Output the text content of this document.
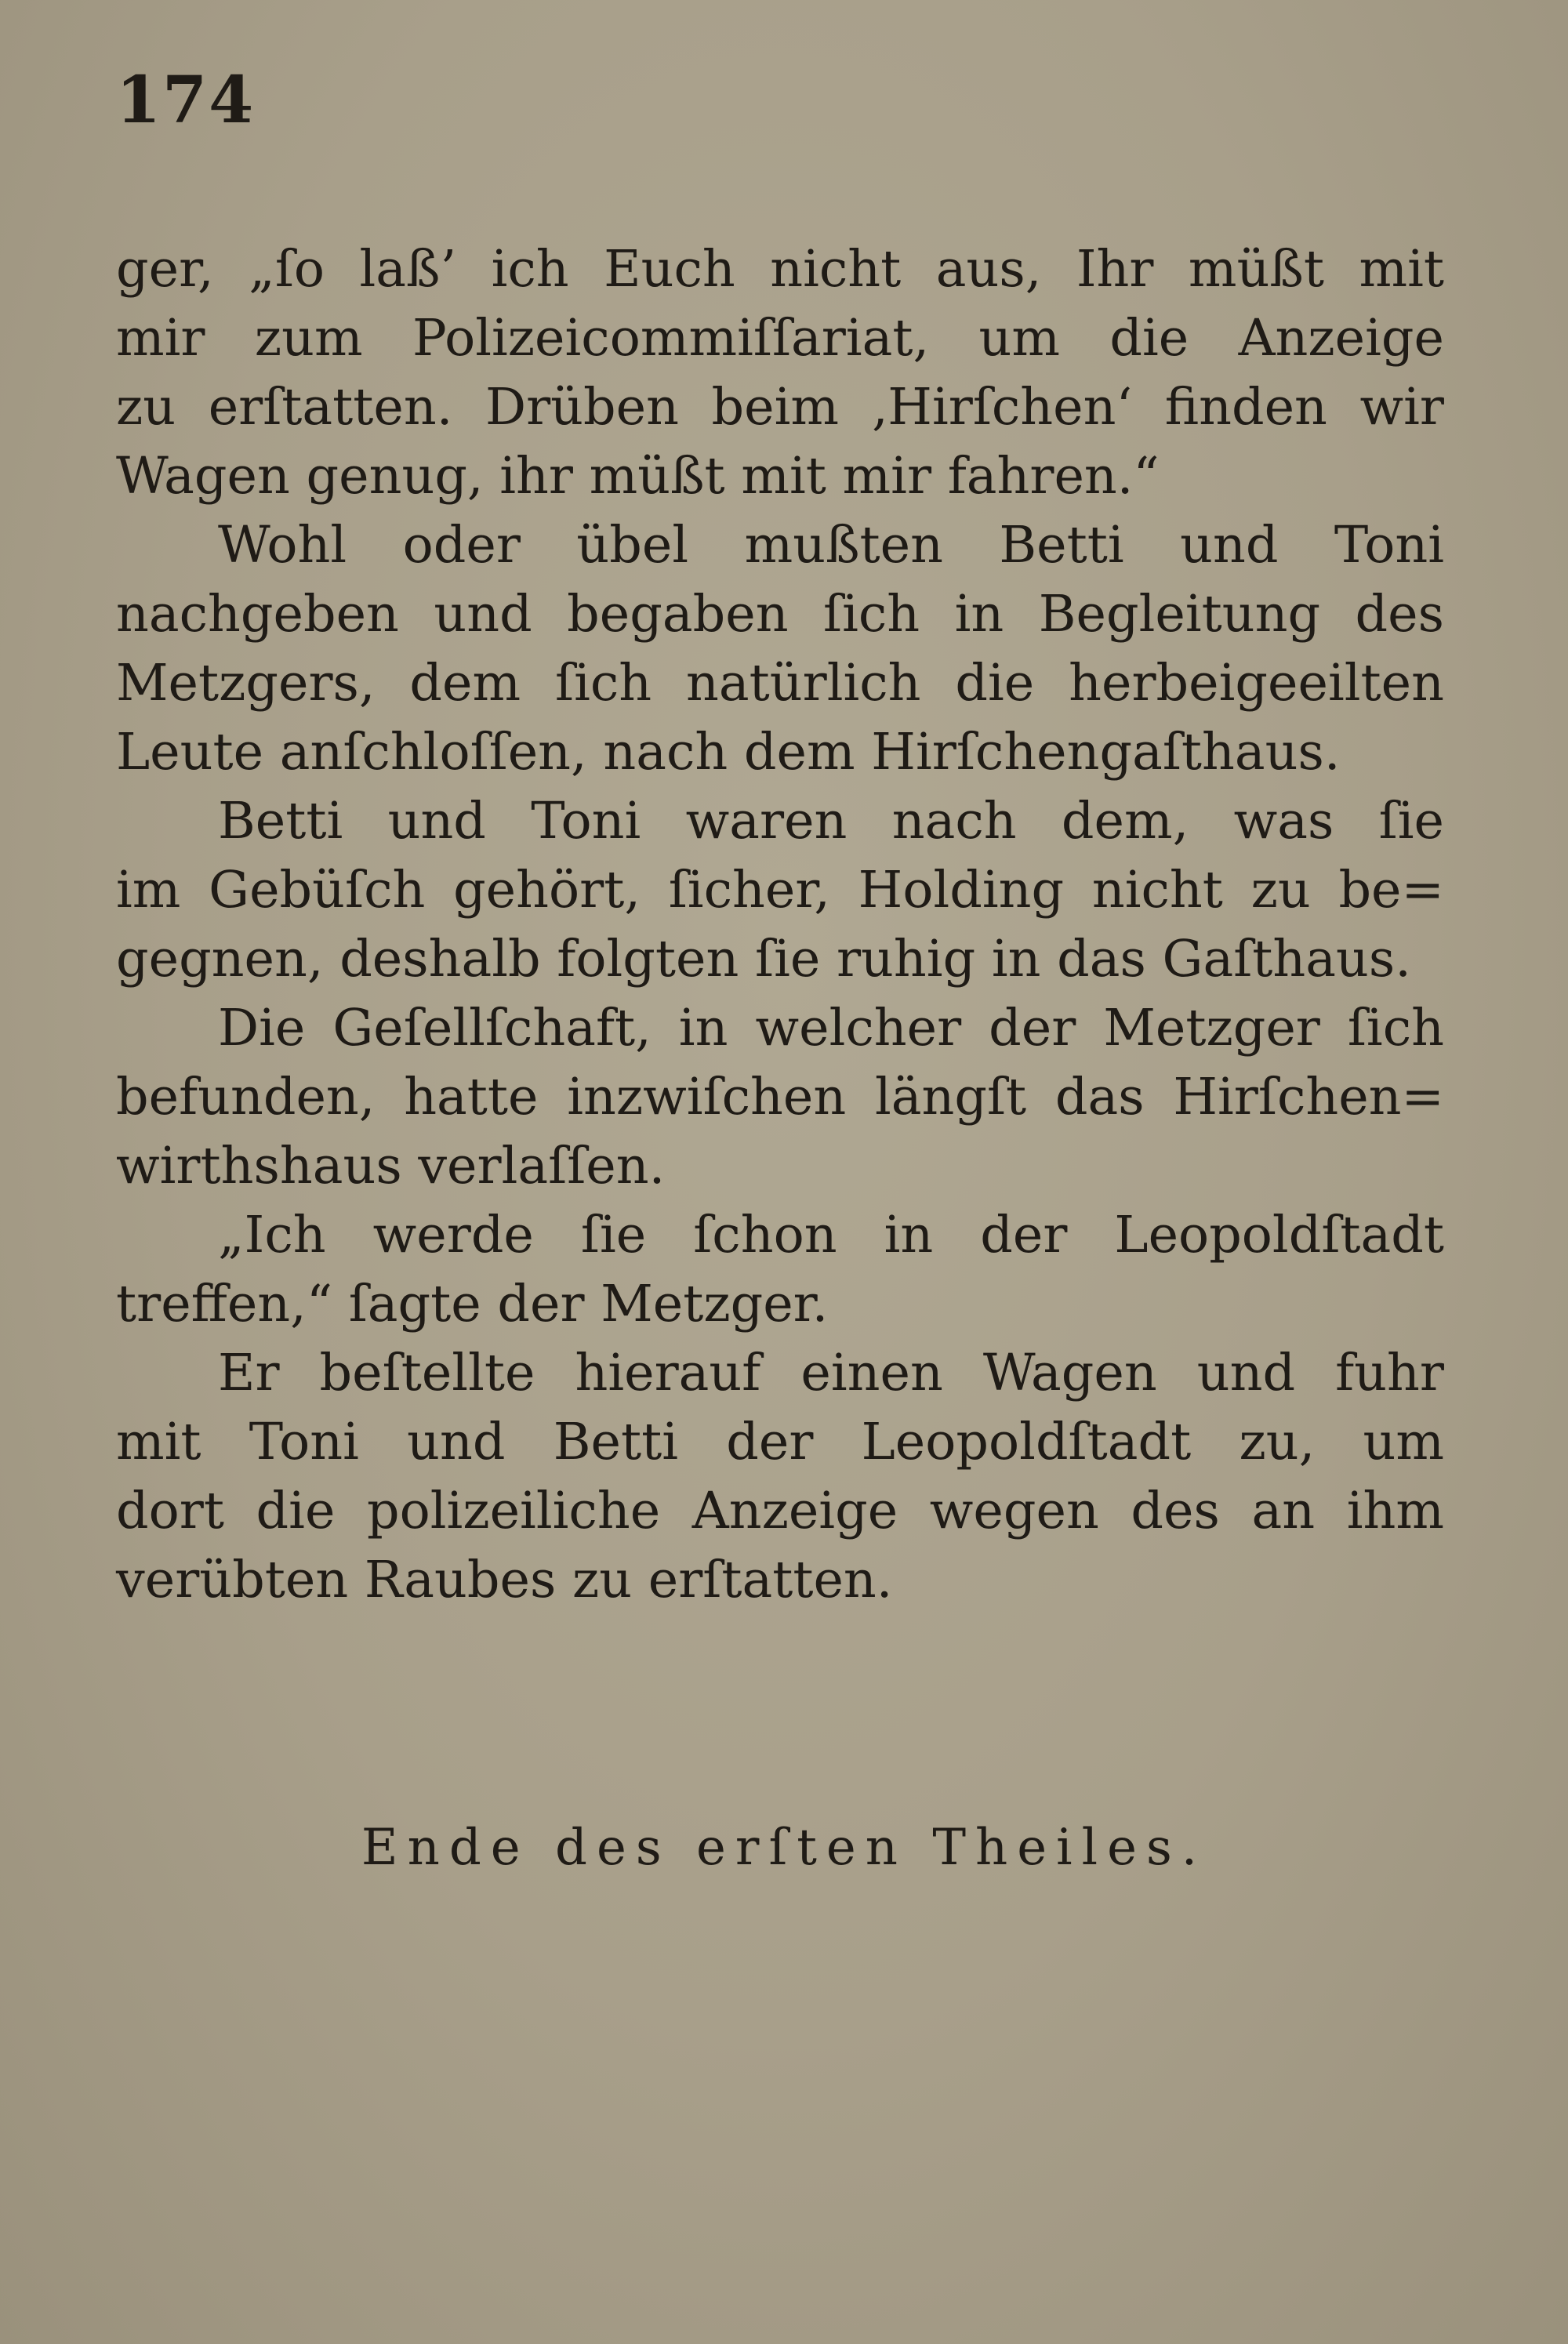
174

ger, „ſo laß’ ich Euch nicht aus, Ihr müßt mit
mir zum Polizeicommiſſariat, um die Anzeige
zu erſtatten. Drüben beim ‚Hirſchen‘ finden wir
Wagen genug, ihr müßt mit mir fahren.“

Wohl oder übel mußten Betti und Toni
nachgeben und begaben ſich in Begleitung des
Metzgers, dem ſich natürlich die herbeigeeilten
Leute anſchloſſen, nach dem Hirſchengaſthaus.

Betti und Toni waren nach dem, was ſie
im Gebüſch gehört, ſicher, Holding nicht zu be=
gegnen, deshalb folgten ſie ruhig in das Gaſthaus.

Die Geſellſchaft, in welcher der Metzger ſich
befunden, hatte inzwiſchen längſt das Hirſchen=
wirthshaus verlaſſen.

„Ich werde ſie ſchon in der Leopoldſtadt
treffen,“ ſagte der Metzger.

Er beſtellte hierauf einen Wagen und fuhr
mit Toni und Betti der Leopoldſtadt zu, um
dort die polizeiliche Anzeige wegen des an ihm
verübten Raubes zu erſtatten.

Ende des erſten Theiles.
